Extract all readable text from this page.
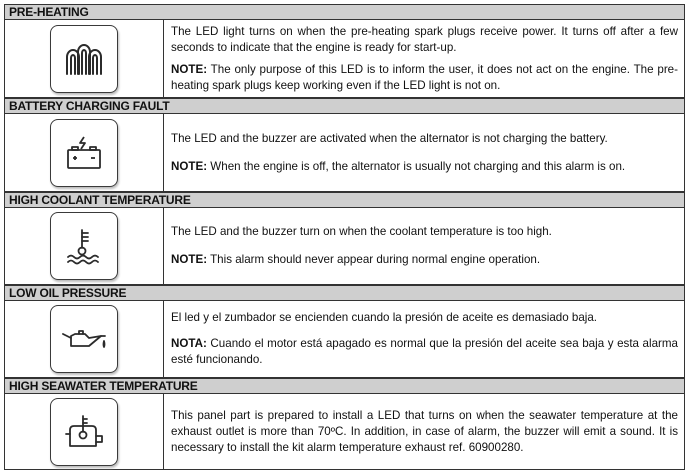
PRE-HEATING

The LED light turns on when the pre-heating spark plugs receive power. It turns off after a few seconds to indicate that the engine is ready for start-up.

NOTE: The only purpose of this LED is to inform the user, it does not act on the engine. The pre-heating spark plugs keep working even if the LED light is not on.

BATTERY CHARGING FAULT

The LED and the buzzer are activated when the alternator is not charging the battery.

NOTE: When the engine is off, the alternator is usually not charging and this alarm is on.

HIGH COOLANT TEMPERATURE

The LED and the buzzer turn on when the coolant temperature is too high.

NOTE: This alarm should never appear during normal engine operation.

LOW OIL PRESSURE

El led y el zumbador se encienden cuando la presión de aceite es demasiado baja.

NOTA: Cuando el motor está apagado es normal que la presión del aceite sea baja y esta alarma esté funcionando.

HIGH SEAWATER TEMPERATURE

This panel part is prepared to install a LED that turns on when the seawater temperature at the exhaust outlet is more than 70ºC. In addition, in case of alarm, the buzzer will emit a sound. It is necessary to install the kit alarm temperature exhaust ref. 60900280.
